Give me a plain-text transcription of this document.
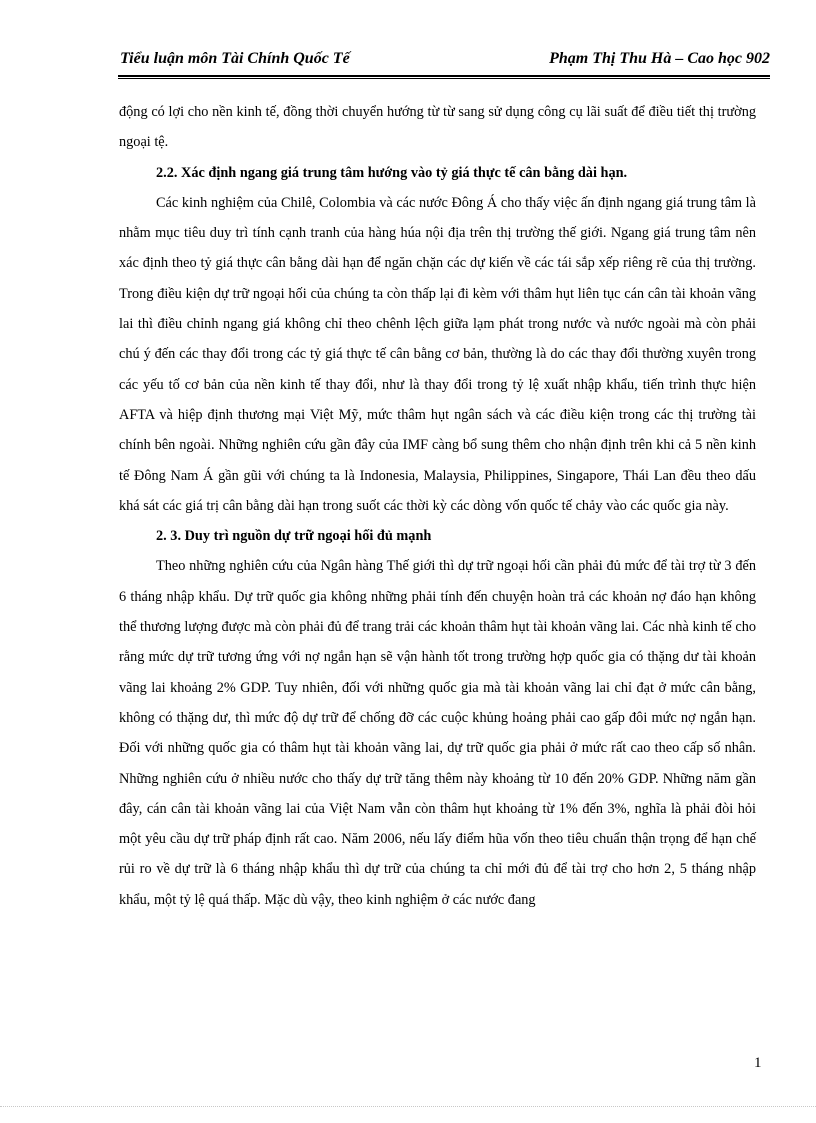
Tiểu luận môn Tài Chính Quốc Tế	Phạm Thị Thu Hà – Cao học 902

động có lợi cho nền kinh tế, đồng thời chuyển hướng từ từ sang sử dụng công cụ lãi suất để điều tiết thị trường ngoại tệ.

2.2. Xác định ngang giá trung tâm hướng vào tỷ giá thực tế cân bằng dài hạn.

Các kinh nghiệm của Chilê, Colombia và các nước Đông Á cho thấy việc ấn định ngang giá trung tâm là nhằm mục tiêu duy trì tính cạnh tranh của hàng húa nội địa trên thị trường thế giới. Ngang giá trung tâm nên xác định theo tỷ giá thực cân bằng dài hạn để ngăn chặn các dự kiến về các tái sắp xếp riêng rẽ của thị trường. Trong điều kiện dự trữ ngoại hối của chúng ta còn thấp lại đi kèm với thâm hụt liên tục cán cân tài khoản vãng lai thì điều chỉnh ngang giá không chỉ theo chênh lệch giữa lạm phát trong nước và nước ngoài mà còn phải chú ý đến các thay đổi trong các tỷ giá thực tế cân bằng cơ bản, thường là do các thay đổi thường xuyên trong các yếu tố cơ bản của nền kinh tế thay đổi, như là thay đổi trong tỷ lệ xuất nhập khẩu, tiến trình thực hiện AFTA và hiệp định thương mại Việt Mỹ, mức thâm hụt ngân sách và các điều kiện trong các thị trường tài chính bên ngoài. Những nghiên cứu gần đây của IMF càng bổ sung thêm cho nhận định trên khi cả 5 nền kinh tế Đông Nam Á gần gũi với chúng ta là Indonesia, Malaysia, Philippines, Singapore, Thái Lan đều theo dấu khá sát các giá trị cân bằng dài hạn trong suốt các thời kỳ các dòng vốn quốc tế chảy vào các quốc gia này.

2. 3. Duy trì nguồn dự trữ ngoại hối đủ mạnh

Theo những nghiên cứu của Ngân hàng Thế giới thì dự trữ ngoại hối cần phải đủ mức để tài trợ từ 3 đến 6 tháng nhập khẩu. Dự trữ quốc gia không những phải tính đến chuyện hoàn trả các khoản nợ đáo hạn không thể thương lượng được mà còn phải đủ để trang trải các khoản thâm hụt tài khoản vãng lai. Các nhà kinh tế cho rằng mức dự trữ tương ứng với nợ ngắn hạn sẽ vận hành tốt trong trường hợp quốc gia có thặng dư tài khoản vãng lai khoảng 2% GDP. Tuy nhiên, đối với những quốc gia mà tài khoản vãng lai chỉ đạt ở mức cân bằng, không có thặng dư, thì mức độ dự trữ để chống đỡ các cuộc khủng hoảng phải cao gấp đôi mức nợ ngắn hạn. Đối với những quốc gia có thâm hụt tài khoản vãng lai, dự trữ quốc gia phải ở mức rất cao theo cấp số nhân. Những nghiên cứu ở nhiều nước cho thấy dự trữ tăng thêm này khoảng từ 10 đến 20% GDP. Những năm gần đây, cán cân tài khoản vãng lai của Việt Nam vẫn còn thâm hụt khoảng từ 1% đến 3%, nghĩa là phải đòi hỏi một yêu cầu dự trữ pháp định rất cao. Năm 2006, nếu lấy điểm hũa vốn theo tiêu chuẩn thận trọng để hạn chế rủi ro về dự trữ là 6 tháng nhập khẩu thì dự trữ của chúng ta chỉ mới đủ để tài trợ cho hơn 2, 5 tháng nhập khẩu, một tỷ lệ quá thấp. Mặc dù vậy, theo kinh nghiệm ở các nước đang

1
